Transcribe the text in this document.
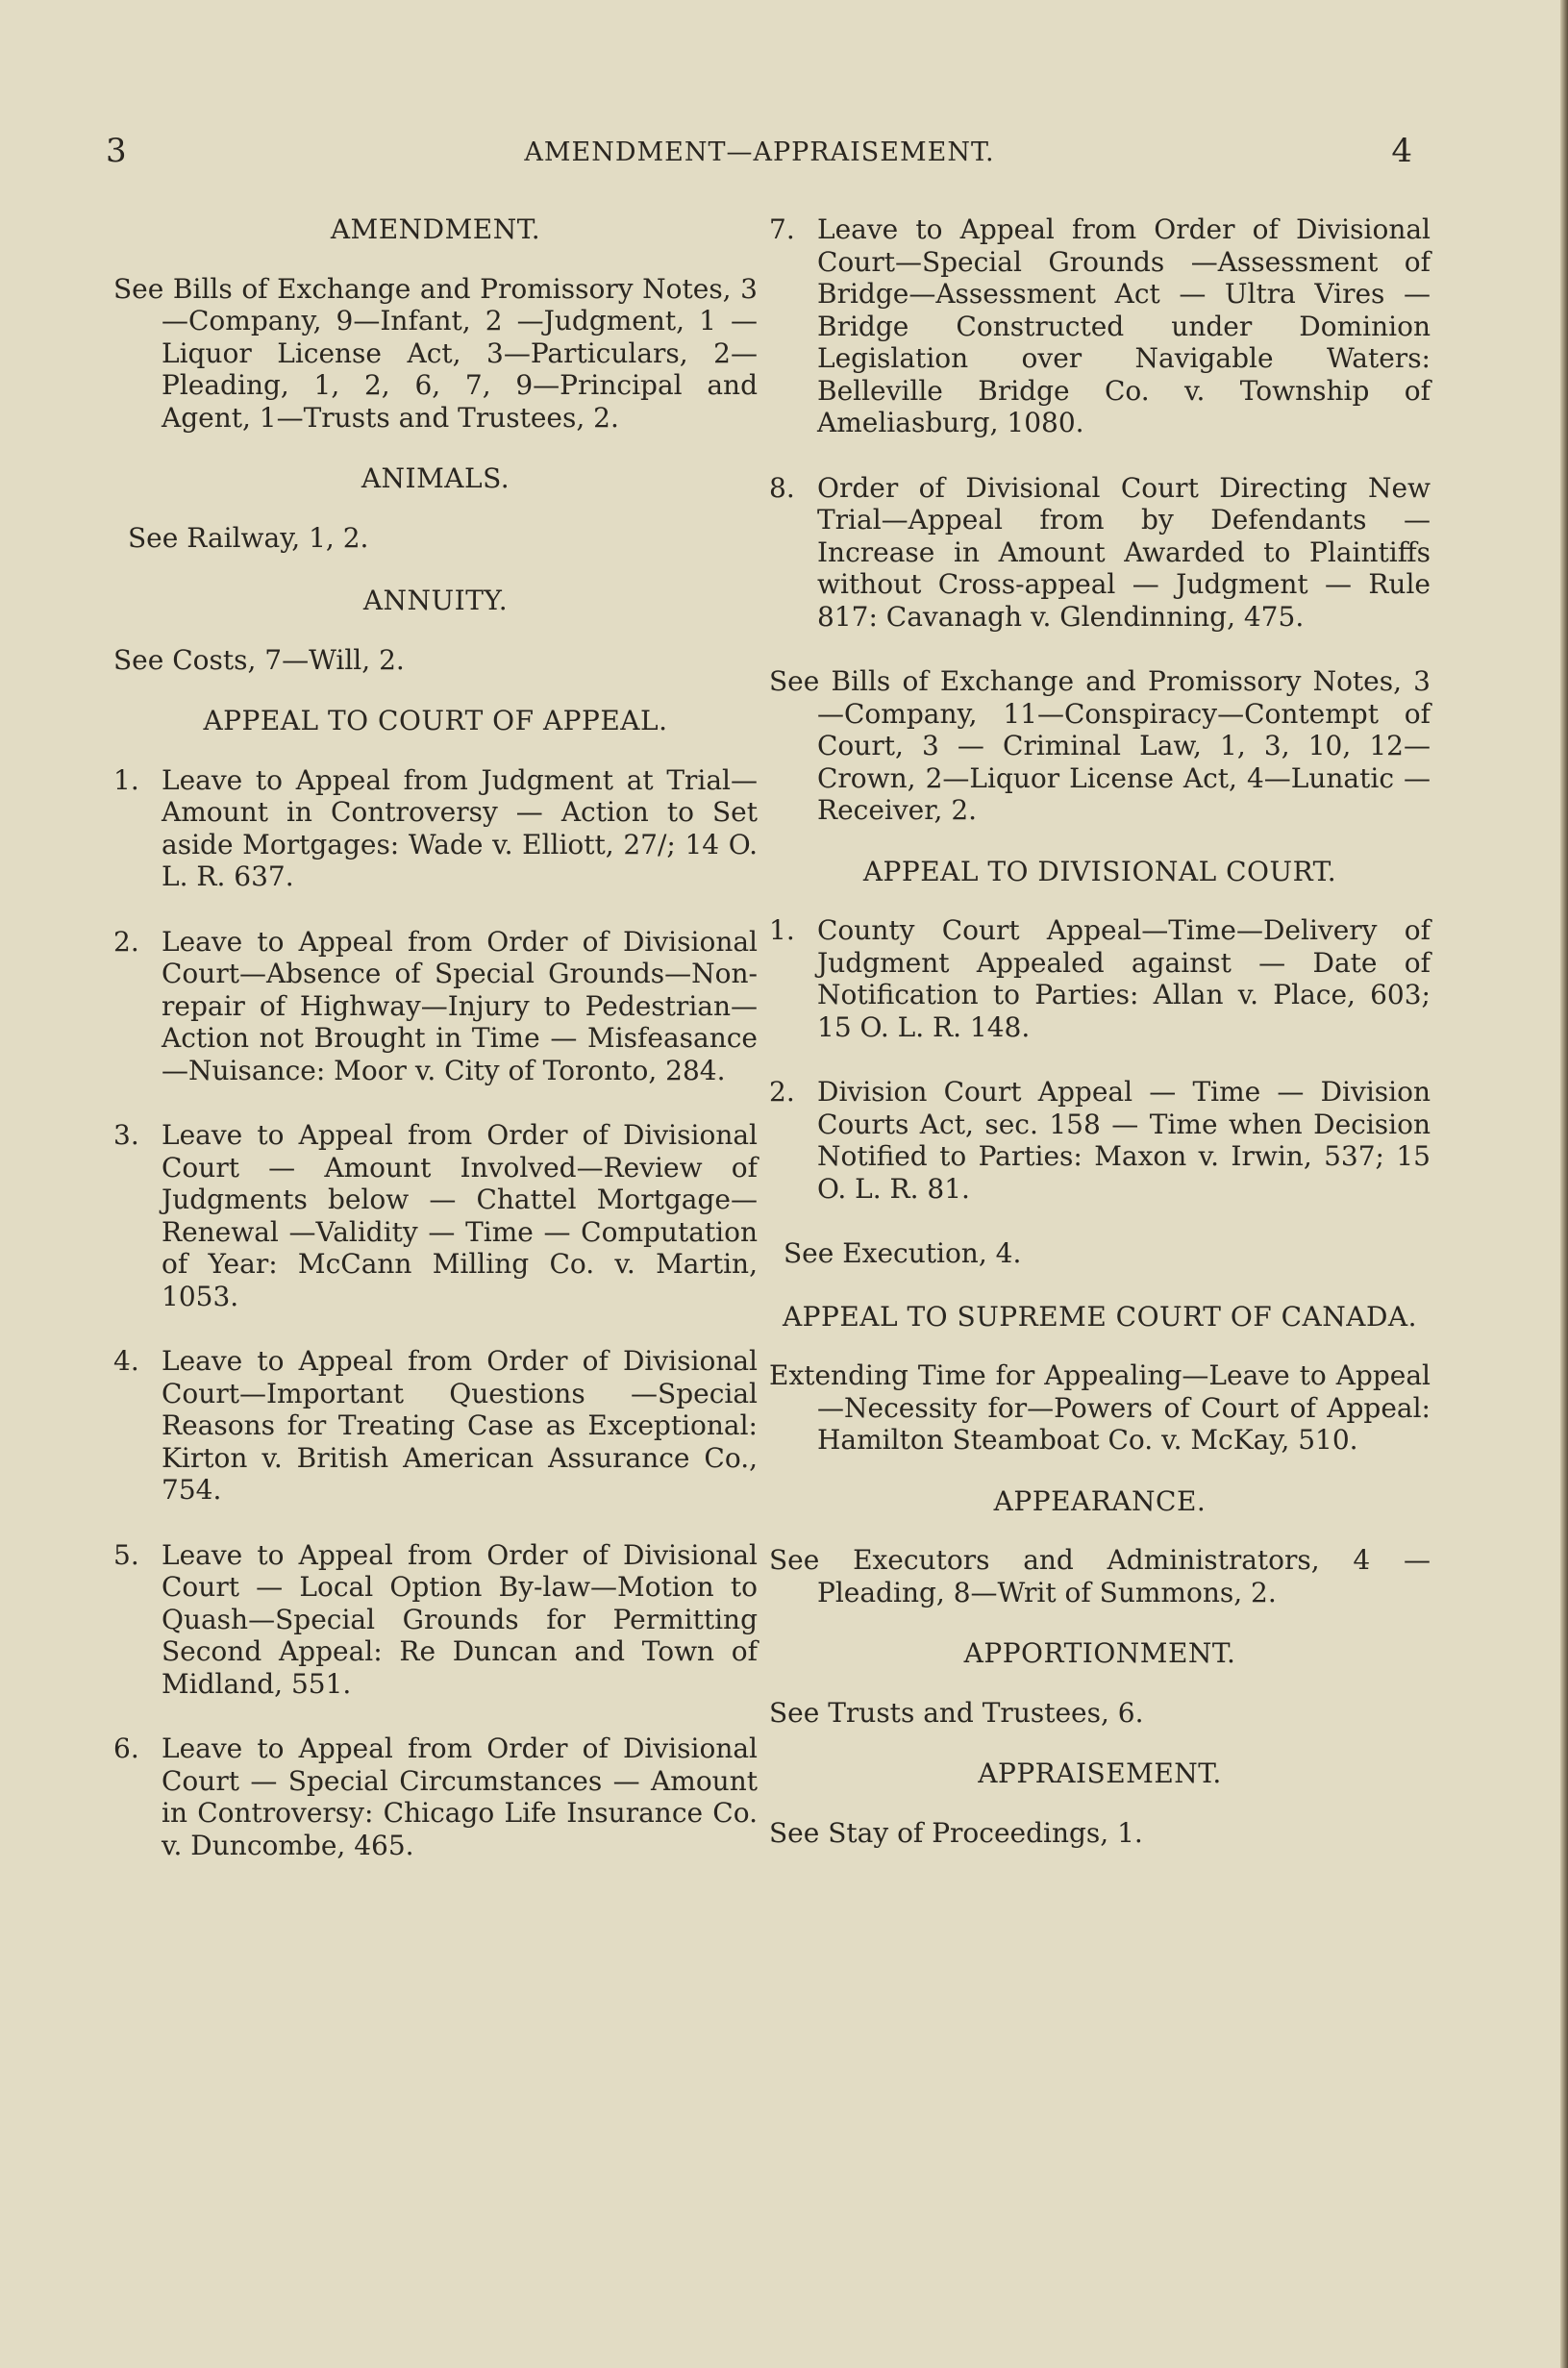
3	AMENDMENT—APPRAISEMENT.	4
AMENDMENT.

See Bills of Exchange and Promissory Notes, 3—Company, 9—Infant, 2 —Judgment, 1 — Liquor License Act, 3—Particulars, 2—Pleading, 1, 2, 6, 7, 9—Principal and Agent, 1—Trusts and Trustees, 2.

ANIMALS.

See Railway, 1, 2.

ANNUITY.

See Costs, 7—Will, 2.

APPEAL TO COURT OF APPEAL.
1. Leave to Appeal from Judgment at Trial—Amount in Controversy — Action to Set aside Mortgages: Wade v. Elliott, 27/; 14 O. L. R. 637.
2. Leave to Appeal from Order of Divisional Court—Absence of Special Grounds—Non-repair of Highway—Injury to Pedestrian—Action not Brought in Time — Misfeasance—Nuisance: Moor v. City of Toronto, 284.
3. Leave to Appeal from Order of Divisional Court — Amount Involved—Review of Judgments below — Chattel Mortgage—Renewal —Validity — Time — Computation of Year: McCann Milling Co. v. Martin, 1053.
4. Leave to Appeal from Order of Divisional Court—Important Questions —Special Reasons for Treating Case as Exceptional: Kirton v. British American Assurance Co., 754.
5. Leave to Appeal from Order of Divisional Court — Local Option By-law—Motion to Quash—Special Grounds for Permitting Second Appeal: Re Duncan and Town of Midland, 551.
6. Leave to Appeal from Order of Divisional Court — Special Circumstances — Amount in Controversy: Chicago Life Insurance Co. v. Duncombe, 465.
7. Leave to Appeal from Order of Divisional Court—Special Grounds —Assessment of Bridge—Assessment Act — Ultra Vires — Bridge Constructed under Dominion Legislation over Navigable Waters: Belleville Bridge Co. v. Township of Ameliasburg, 1080.
8. Order of Divisional Court Directing New Trial—Appeal from by Defendants — Increase in Amount Awarded to Plaintiffs without Cross-appeal — Judgment — Rule 817: Cavanagh v. Glendinning, 475.

See Bills of Exchange and Promissory Notes, 3—Company, 11—Conspiracy—Contempt of Court, 3 — Criminal Law, 1, 3, 10, 12—Crown, 2—Liquor License Act, 4—Lunatic —Receiver, 2.

APPEAL TO DIVISIONAL COURT.
1. County Court Appeal—Time—Delivery of Judgment Appealed against — Date of Notification to Parties: Allan v. Place, 603; 15 O. L. R. 148.
2. Division Court Appeal — Time — Division Courts Act, sec. 158 — Time when Decision Notified to Parties: Maxon v. Irwin, 537; 15 O. L. R. 81.

See Execution, 4.

APPEAL TO SUPREME COURT OF CANADA.

Extending Time for Appealing—Leave to Appeal—Necessity for—Powers of Court of Appeal: Hamilton Steamboat Co. v. McKay, 510.

APPEARANCE.

See Executors and Administrators, 4 —Pleading, 8—Writ of Summons, 2.

APPORTIONMENT.

See Trusts and Trustees, 6.

APPRAISEMENT.

See Stay of Proceedings, 1.
